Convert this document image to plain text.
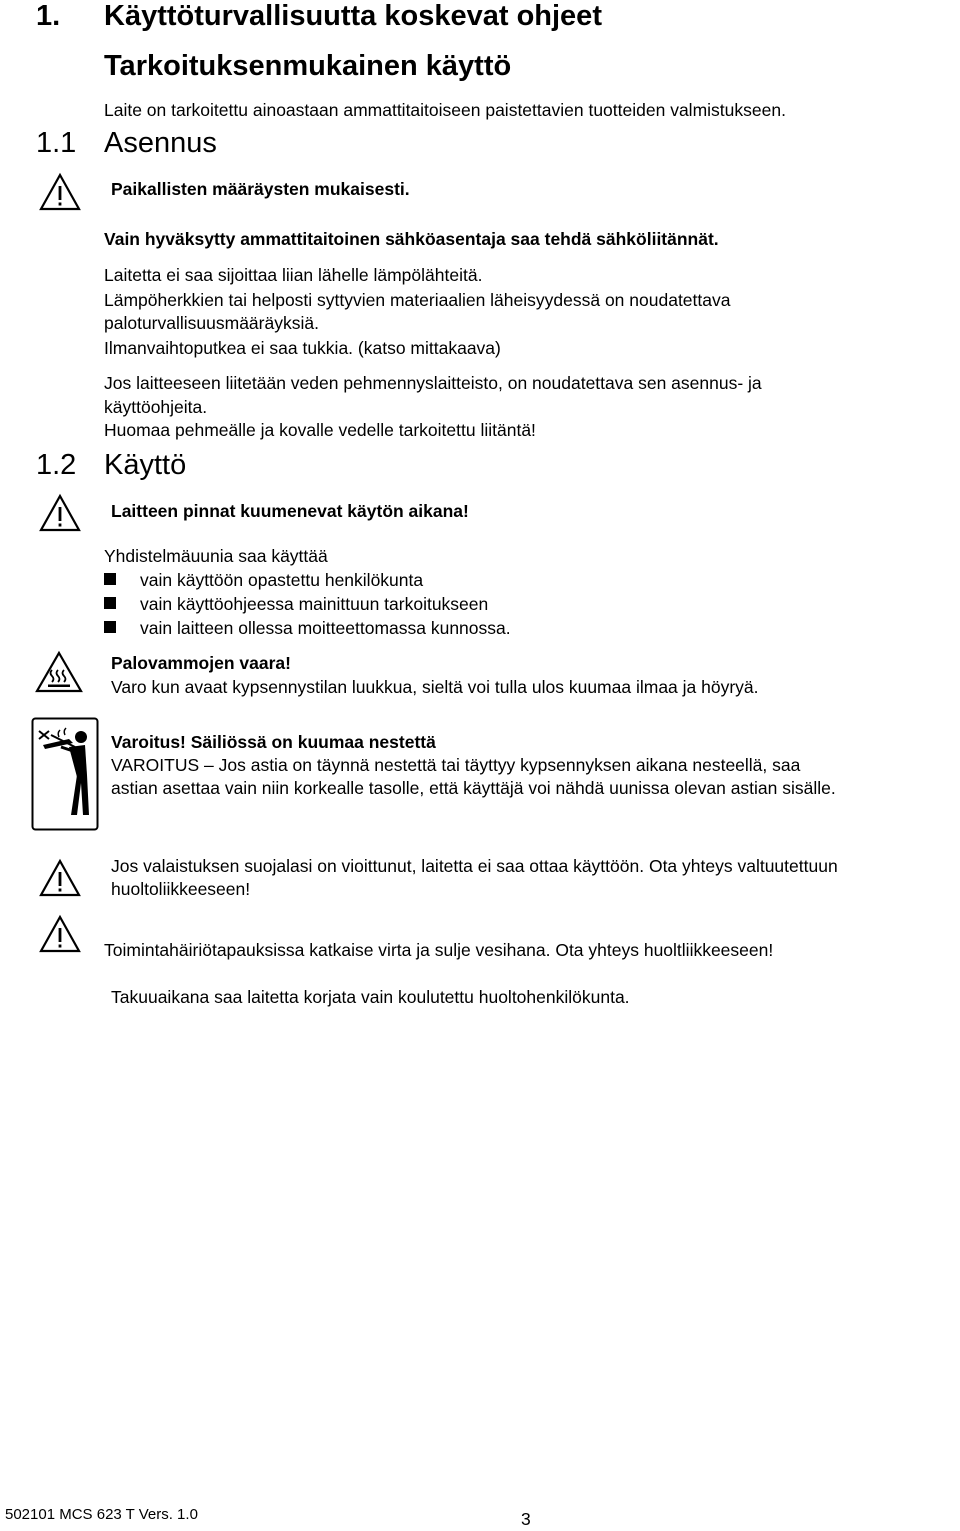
1. Käyttöturvallisuutta koskevat ohjeet
Tarkoituksenmukainen käyttö
Laite on tarkoitettu ainoastaan ammattitaitoiseen paistettavien tuotteiden valmistukseen.
1.1 Asennus
Paikallisten määräysten mukaisesti.
Vain hyväksytty ammattitaitoinen sähköasentaja saa tehdä sähköliitännät.
Laitetta ei saa sijoittaa liian lähelle lämpölähteitä.
Lämpöherkkien tai helposti syttyvien materiaalien läheisyydessä on noudatettava
paloturvallisuusmääräyksiä.
Ilmanvaihtoputkea ei saa tukkia. (katso mittakaava)
Jos laitteeseen liitetään veden pehmennyslaitteisto, on noudatettava sen asennus- ja
käyttöohjeita.
Huomaa pehmeälle ja kovalle vedelle tarkoitettu liitäntä!
1.2 Käyttö
Laitteen pinnat kuumenevat käytön aikana!
Yhdistelmäuunia saa käyttää
vain käyttöön opastettu henkilökunta
vain käyttöohjeessa mainittuun tarkoitukseen
vain laitteen ollessa moitteettomassa kunnossa.
Palovammojen vaara!
Varo kun avaat kypsennystilan luukkua, sieltä voi tulla ulos kuumaa ilmaa ja höyryä.
Varoitus! Säiliössä on kuumaa nestettä
VAROITUS – Jos astia on täynnä nestettä tai täyttyy kypsennyksen aikana nesteellä, saa
astian asettaa vain niin korkealle tasolle, että käyttäjä voi nähdä uunissa olevan astian sisälle.
Jos valaistuksen suojalasi on vioittunut, laitetta ei saa ottaa käyttöön. Ota yhteys valtuutettuun
huoltoliikkeeseen!
Toimintahäiriötapauksissa katkaise virta ja sulje vesihana. Ota yhteys huoltliikkeeseen!
Takuuaikana saa laitetta korjata vain koulutettu huoltohenkilökunta.
502101 MCS 623 T Vers. 1.0	3
